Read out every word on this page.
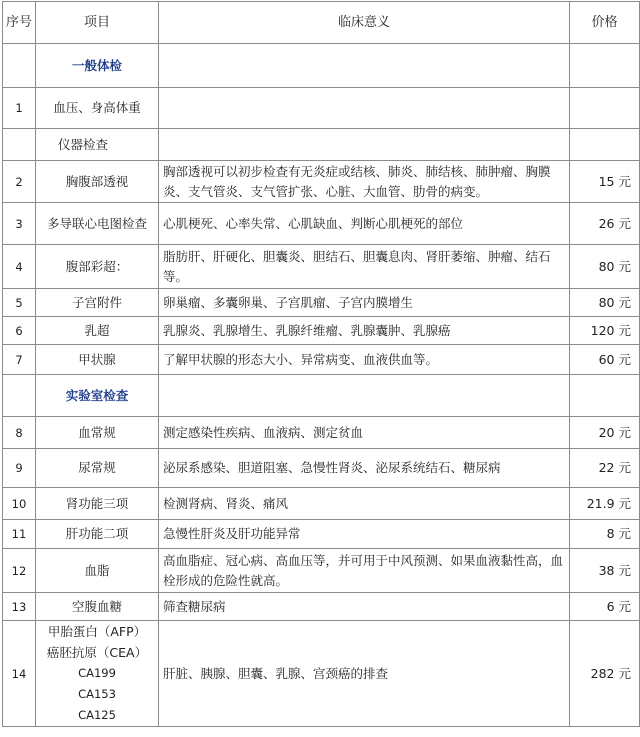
序号	项目	临床意义	价格
	一般体检		
1	血压、身高体重		
	仪器检查		
2	胸腹部透视	胸部透视可以初步检查有无炎症或结核、肺炎、肺结核、肺肿瘤、胸膜炎、支气管炎、支气管扩张、心脏、大血管、肋骨的病变。	15 元
3	多导联心电图检查	心肌梗死、心率失常、心肌缺血、判断心肌梗死的部位	26 元
4	腹部彩超：	脂肪肝、肝硬化、胆囊炎、胆结石、胆囊息肉、肾肝萎缩、肿瘤、结石等。	80 元
5	子宫附件	卵巢瘤、多囊卵巢、子宫肌瘤、子宫内膜增生	80 元
6	乳超	乳腺炎、乳腺增生、乳腺纤维瘤、乳腺囊肿、乳腺癌	120 元
7	甲状腺	了解甲状腺的形态大小、异常病变、血液供血等。	60 元
	实验室检查		
8	血常规	测定感染性疾病、血液病、测定贫血	20 元
9	尿常规	泌尿系感染、胆道阻塞、急慢性肾炎、泌尿系统结石、糖尿病	22 元
10	肾功能三项	检测肾病、肾炎、痛风	21.9 元
11	肝功能二项	急慢性肝炎及肝功能异常	8 元
12	血脂	高血脂症、冠心病、高血压等，并可用于中风预测、如果血液黏性高，血栓形成的危险性就高。	38 元
13	空腹血糖	筛查糖尿病	6 元
14	甲胎蛋白（AFP）
癌胚抗原（CEA）
CA199
CA153
CA125	肝脏、胰腺、胆囊、乳腺、宫颈癌的排查	282 元
